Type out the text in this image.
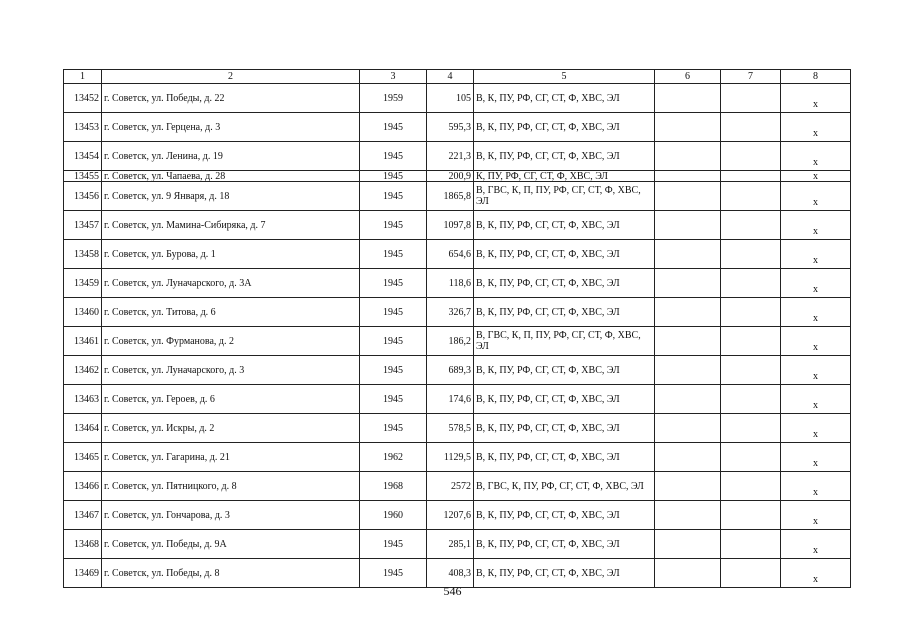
1	2	3	4	5	6	7	8
13452	г. Советск, ул. Победы, д. 22	1959	105	В, К, ПУ, РФ, СГ, СТ, Ф, ХВС, ЭЛ			х
13453	г. Советск, ул. Герцена, д. 3	1945	595,3	В, К, ПУ, РФ, СГ, СТ, Ф, ХВС, ЭЛ			х
13454	г. Советск, ул. Ленина, д. 19	1945	221,3	В, К, ПУ, РФ, СГ, СТ, Ф, ХВС, ЭЛ			х
13455	г. Советск, ул. Чапаева, д. 28	1945	200,9	К, ПУ, РФ, СГ, СТ, Ф, ХВС, ЭЛ			х
13456	г. Советск, ул. 9 Января, д. 18	1945	1865,8	В, ГВС, К, П, ПУ, РФ, СГ, СТ, Ф, ХВС, ЭЛ			х
13457	г. Советск, ул. Мамина-Сибиряка, д. 7	1945	1097,8	В, К, ПУ, РФ, СГ, СТ, Ф, ХВС, ЭЛ			х
13458	г. Советск, ул. Бурова, д. 1	1945	654,6	В, К, ПУ, РФ, СГ, СТ, Ф, ХВС, ЭЛ			х
13459	г. Советск, ул. Луначарского, д. 3А	1945	118,6	В, К, ПУ, РФ, СГ, СТ, Ф, ХВС, ЭЛ			х
13460	г. Советск, ул. Титова, д. 6	1945	326,7	В, К, ПУ, РФ, СГ, СТ, Ф, ХВС, ЭЛ			х
13461	г. Советск, ул. Фурманова, д. 2	1945	186,2	В, ГВС, К, П, ПУ, РФ, СГ, СТ, Ф, ХВС, ЭЛ			х
13462	г. Советск, ул. Луначарского, д. 3	1945	689,3	В, К, ПУ, РФ, СГ, СТ, Ф, ХВС, ЭЛ			х
13463	г. Советск, ул. Героев, д. 6	1945	174,6	В, К, ПУ, РФ, СГ, СТ, Ф, ХВС, ЭЛ			х
13464	г. Советск, ул. Искры, д. 2	1945	578,5	В, К, ПУ, РФ, СГ, СТ, Ф, ХВС, ЭЛ			х
13465	г. Советск, ул. Гагарина, д. 21	1962	1129,5	В, К, ПУ, РФ, СГ, СТ, Ф, ХВС, ЭЛ			х
13466	г. Советск, ул. Пятницкого, д. 8	1968	2572	В, ГВС, К, ПУ, РФ, СГ, СТ, Ф, ХВС, ЭЛ			х
13467	г. Советск, ул. Гончарова, д. 3	1960	1207,6	В, К, ПУ, РФ, СГ, СТ, Ф, ХВС, ЭЛ			х
13468	г. Советск, ул. Победы, д. 9А	1945	285,1	В, К, ПУ, РФ, СГ, СТ, Ф, ХВС, ЭЛ			х
13469	г. Советск, ул. Победы, д. 8	1945	408,3	В, К, ПУ, РФ, СГ, СТ, Ф, ХВС, ЭЛ			х
546
